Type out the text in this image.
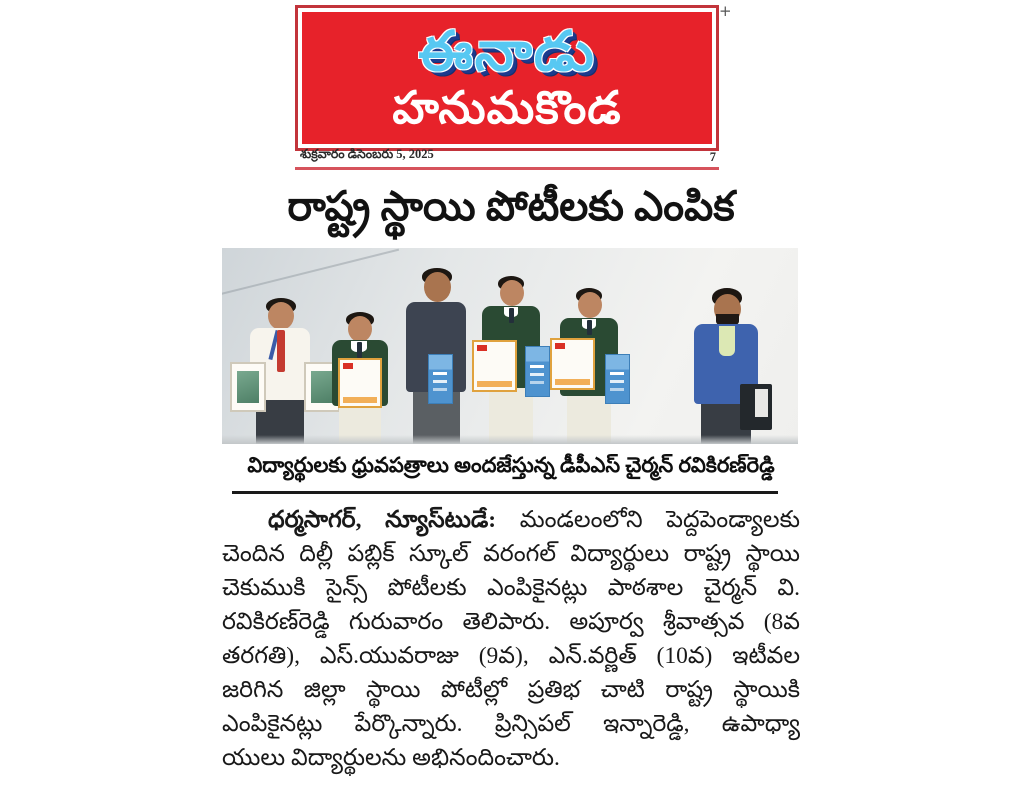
ఈనాడు
హనుమకొండ
+
శుక్రవారం డిసెంబరు 5, 2025	7
రాష్ట్ర స్థాయి పోటీలకు ఎంపిక
విద్యార్థులకు ధ్రువపత్రాలు అందజేస్తున్న డీపీఎస్ చైర్మన్ రవికిరణ్‌రెడ్డి
ధర్మసాగర్, న్యూస్‌టుడే: మండలంలోని పెద్దపెండ్యాలకు
చెందిన దిల్లీ పబ్లిక్ స్కూల్ వరంగల్ విద్యార్థులు రాష్ట్ర స్థాయి
చెకుముకి సైన్స్ పోటీలకు ఎంపికైనట్లు పాఠశాల చైర్మన్ వి.
రవికిరణ్‌రెడ్డి గురువారం తెలిపారు. అపూర్వ శ్రీవాత్సవ (8వ
తరగతి), ఎస్.యువరాజు (9వ), ఎన్.వర్ణిత్ (10వ) ఇటీవల
జరిగిన జిల్లా స్థాయి పోటీల్లో ప్రతిభ చాటి రాష్ట్ర స్థాయికి
ఎంపికైనట్లు పేర్కొన్నారు. ప్రిన్సిపల్ ఇన్నారెడ్డి, ఉపాధ్యా
యులు విద్యార్థులను అభినందించారు.
